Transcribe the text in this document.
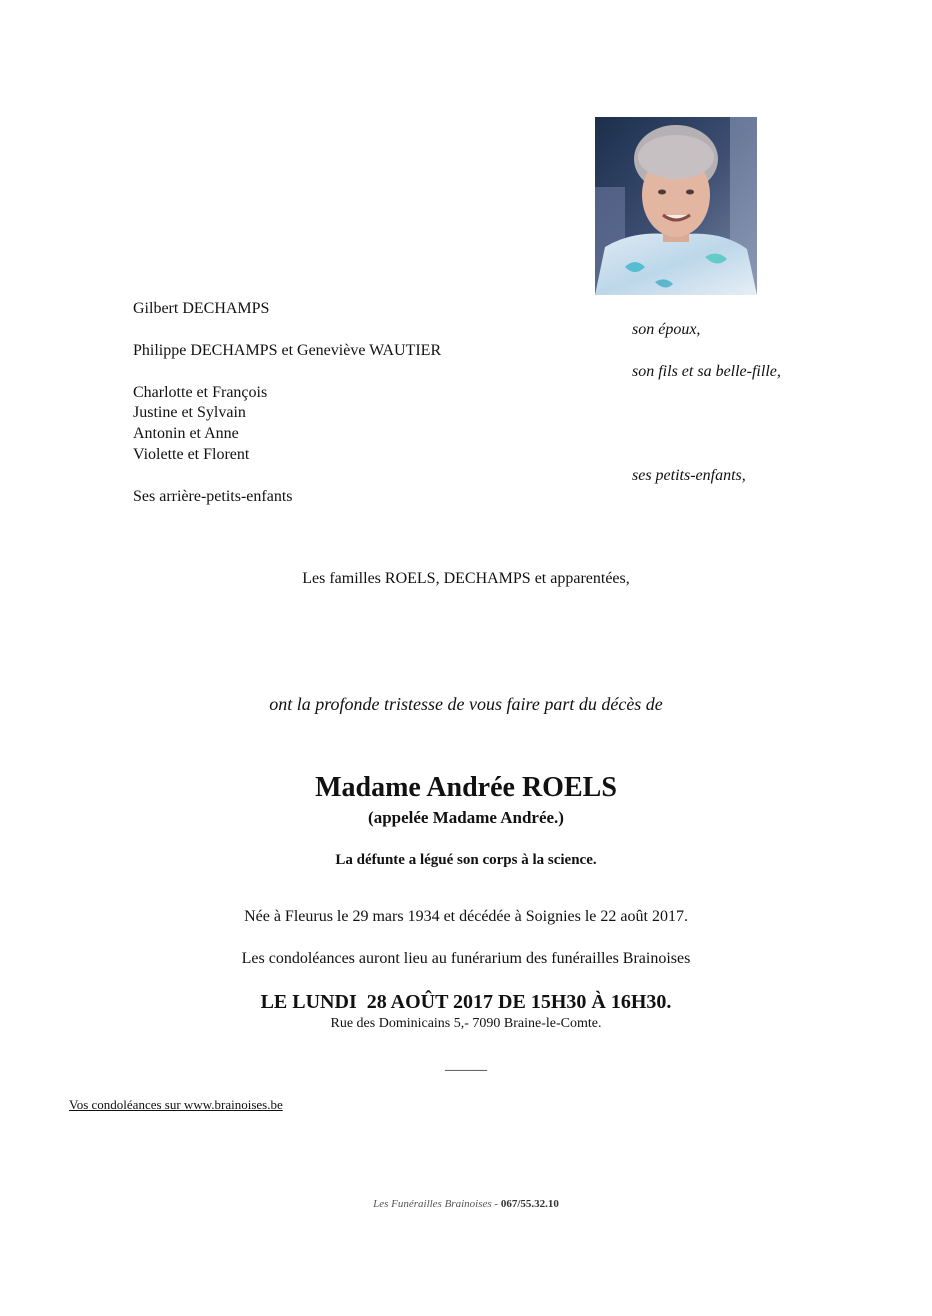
Gilbert DECHAMPS
son époux,
Philippe DECHAMPS et Geneviève WAUTIER
son fils et sa belle-fille,
Charlotte et François
Justine et Sylvain
Antonin et Anne
Violette et Florent
ses petits-enfants,
Ses arrière-petits-enfants
Les familles ROELS, DECHAMPS et apparentées,
ont la profonde tristesse de vous faire part du décès de
Madame Andrée ROELS
(appelée Madame Andrée.)
La défunte a légué son corps à la science.
Née à Fleurus le 29 mars 1934 et décédée à Soignies le 22 août 2017.
Les condoléances auront lieu au funérarium des funérailles Brainoises
LE LUNDI  28 AOÛT 2017 DE 15H30 À 16H30.
Rue des Dominicains 5,- 7090 Braine-le-Comte.
______
Vos condoléances sur www.brainoises.be
Les Funérailles Brainoises - 067/55.32.10
